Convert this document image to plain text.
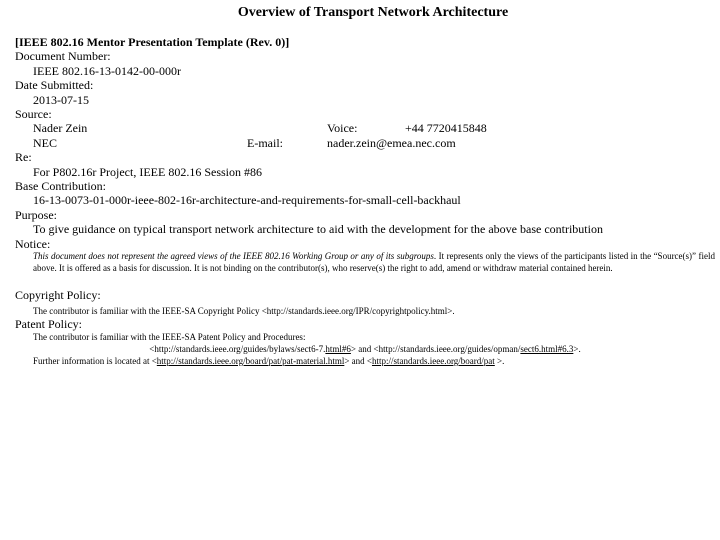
Overview of Transport Network Architecture
[IEEE 802.16 Mentor Presentation Template (Rev. 0)]
Document Number:
IEEE 802.16-13-0142-00-000r
Date Submitted:
2013-07-15
Source:
Nader Zein	Voice:	+44 7720415848
NEC	E-mail:	nader.zein@emea.nec.com
Re:
For P802.16r Project, IEEE 802.16 Session #86
Base Contribution:
16-13-0073-01-000r-ieee-802-16r-architecture-and-requirements-for-small-cell-backhaul
Purpose:
To give guidance on typical transport network architecture to aid with the development for the above base contribution
Notice:
This document does not represent the agreed views of the IEEE 802.16 Working Group or any of its subgroups. It represents only the views of the participants listed in the “Source(s)” field above. It is offered as a basis for discussion. It is not binding on the contributor(s), who reserve(s) the right to add, amend or withdraw material contained herein.
Copyright Policy:
The contributor is familiar with the IEEE-SA Copyright Policy <http://standards.ieee.org/IPR/copyrightpolicy.html>.
Patent Policy:
The contributor is familiar with the IEEE-SA Patent Policy and Procedures:
<http://standards.ieee.org/guides/bylaws/sect6-7.html#6> and <http://standards.ieee.org/guides/opman/sect6.html#6.3>.
Further information is located at <http://standards.ieee.org/board/pat/pat-material.html> and <http://standards.ieee.org/board/pat >.
